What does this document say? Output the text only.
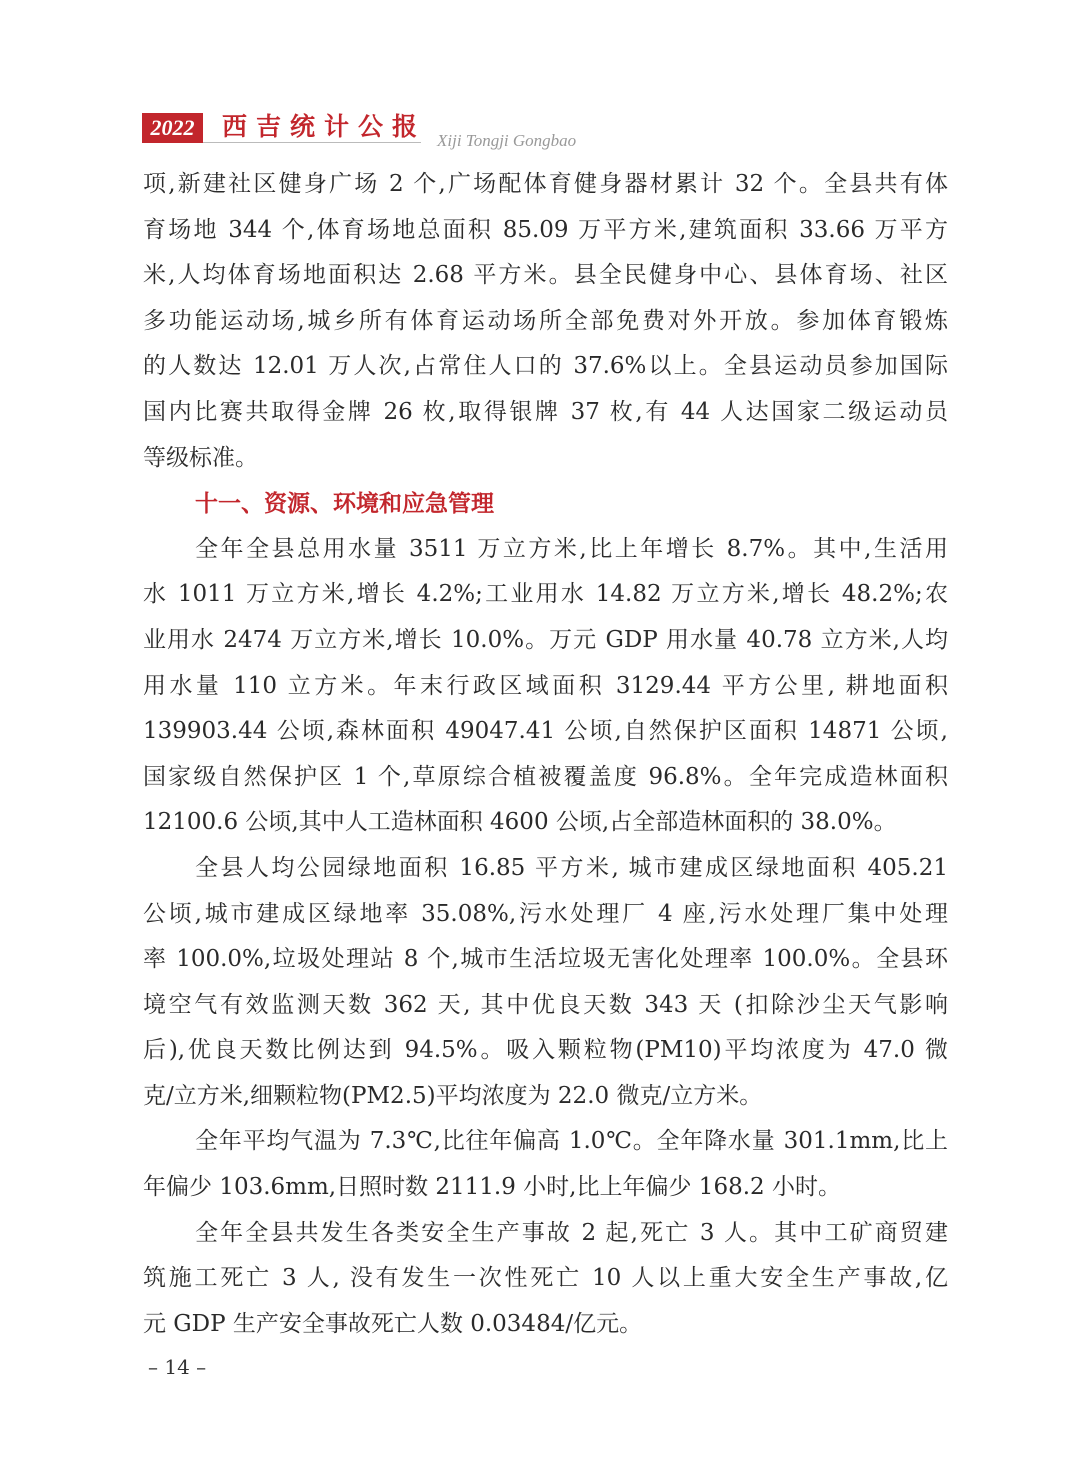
2022	西吉统计公报 Xiji Tongji Gongbao
项,新建社区健身广场 2 个,广场配体育健身器材累计 32 个。全县共有体
育场地 344 个,体育场地总面积 85.09 万平方米,建筑面积 33.66 万平方
米,人均体育场地面积达 2.68 平方米。县全民健身中心、县体育场、社区
多功能运动场,城乡所有体育运动场所全部免费对外开放。参加体育锻炼
的人数达 12.01 万人次,占常住人口的 37.6%以上。全县运动员参加国际
国内比赛共取得金牌 26 枚,取得银牌 37 枚,有 44 人达国家二级运动员
等级标准。
十一、资源、环境和应急管理
全年全县总用水量 3511 万立方米,比上年增长 8.7%。其中,生活用
水 1011 万立方米,增长 4.2%;工业用水 14.82 万立方米,增长 48.2%;农
业用水 2474 万立方米,增长 10.0%。万元 GDP 用水量 40.78 立方米,人均
用水量 110 立方米。年末行政区域面积 3129.44 平方公里, 耕地面积
139903.44 公顷,森林面积 49047.41 公顷,自然保护区面积 14871 公顷,
国家级自然保护区 1 个,草原综合植被覆盖度 96.8%。全年完成造林面积
12100.6 公顷,其中人工造林面积 4600 公顷,占全部造林面积的 38.0%。
全县人均公园绿地面积 16.85 平方米, 城市建成区绿地面积 405.21
公顷,城市建成区绿地率 35.08%,污水处理厂 4 座,污水处理厂集中处理
率 100.0%,垃圾处理站 8 个,城市生活垃圾无害化处理率 100.0%。全县环
境空气有效监测天数 362 天, 其中优良天数 343 天 (扣除沙尘天气影响
后),优良天数比例达到 94.5%。吸入颗粒物(PM10)平均浓度为 47.0 微
克/立方米,细颗粒物(PM2.5)平均浓度为 22.0 微克/立方米。
全年平均气温为 7.3℃,比往年偏高 1.0℃。全年降水量 301.1mm,比上
年偏少 103.6mm,日照时数 2111.9 小时,比上年偏少 168.2 小时。
全年全县共发生各类安全生产事故 2 起,死亡 3 人。其中工矿商贸建
筑施工死亡 3 人, 没有发生一次性死亡 10 人以上重大安全生产事故,亿
元 GDP 生产安全事故死亡人数 0.03484/亿元。
– 14 –
